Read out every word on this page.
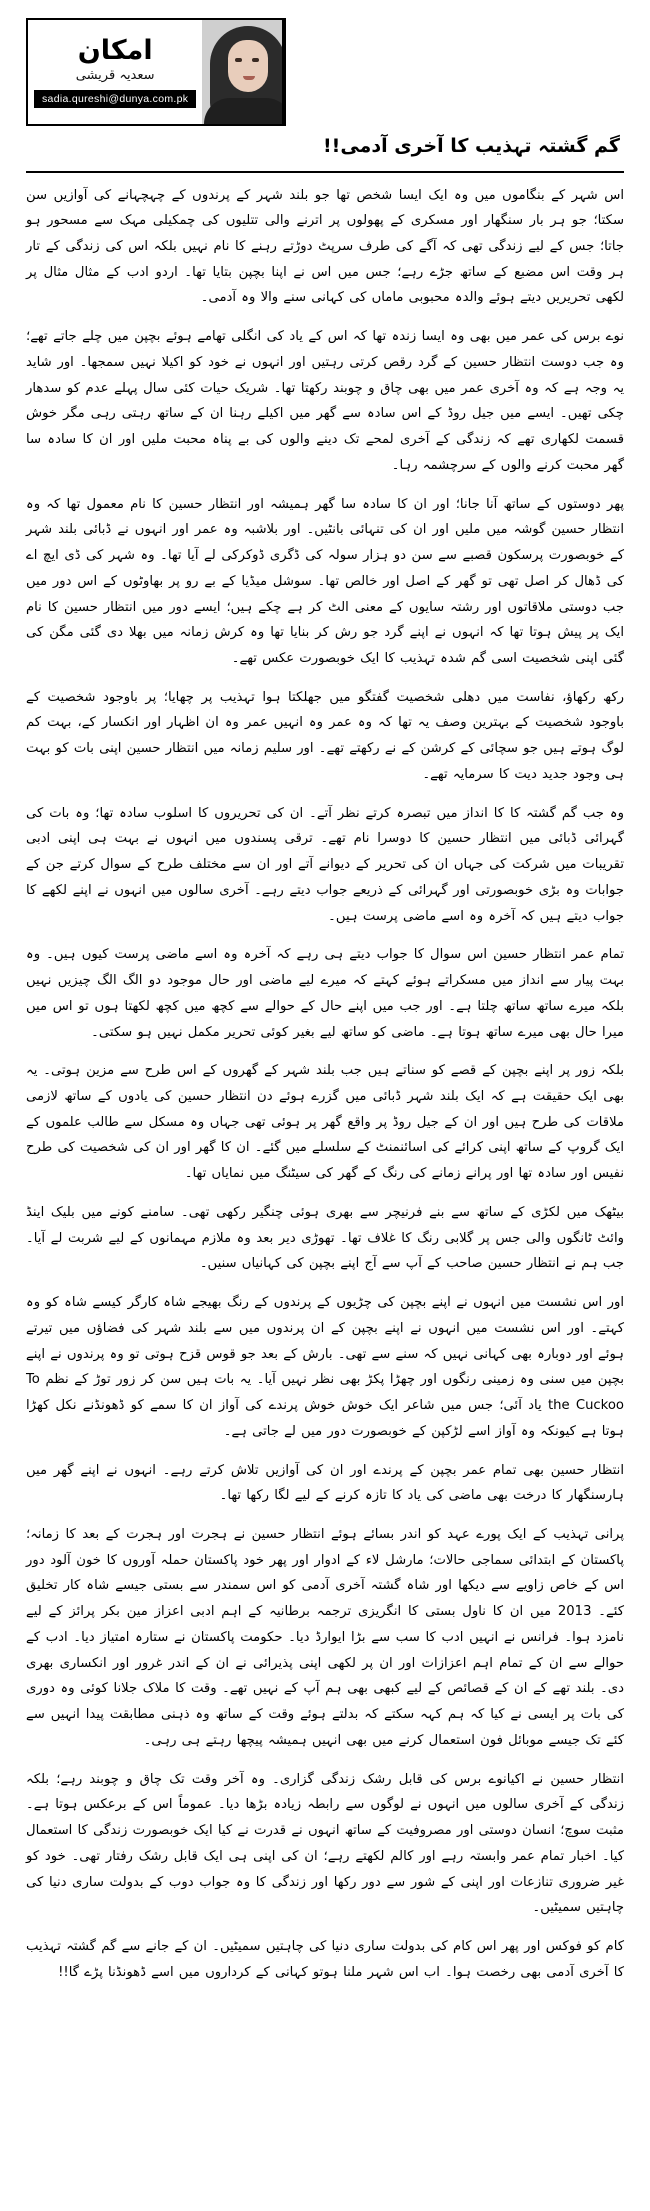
امکان
سعدیہ قریشی
sadia.qureshi@dunya.com.pk
گم گشتہ تہذیب کا آخری آدمی!!

اس شہر کے بنگاموں میں وہ ایک ایسا شخص تھا جو بلند شہر کے پرندوں کے چہچہانے کی آوازیں سن سکتا؛ جو ہر بار سنگھار اور مسکری کے پھولوں پر اترنے والی تتلیوں کی چمکیلی مہک سے مسحور ہو جاتا؛ جس کے لیے زندگی تھی کہ آگے کی طرف سرپٹ دوڑتے رہنے کا نام نہیں بلکہ اس کی زندگی کے تار ہر وقت اس مضبع کے ساتھ جڑے رہے؛ جس میں اس نے اپنا بچپن بتایا تھا۔ اردو ادب کے مثال مثال پر لکھی تحریریں دیتے ہوئے والدہ محبوبی ماماں کی کہانی سنے والا وہ آدمی۔

نوے برس کی عمر میں بھی وہ ایسا زندہ تھا کہ اس کے یاد کی انگلی تھامے ہوئے بچپن میں چلے جاتے تھے؛ وہ جب دوست انتظار حسین کے گرد رقص کرتی رہتیں اور انہوں نے خود کو اکیلا نہیں سمجھا۔ اور شاید یہ وجہ ہے کہ وہ آخری عمر میں بھی چاق و چوبند رکھتا تھا۔ شریک حیات کئی سال پہلے عدم کو سدھار چکی تھیں۔ ایسے میں جیل روڈ کے اس سادہ سے گھر میں اکیلے رہنا ان کے ساتھ رہتی رہی مگر خوش قسمت لکھاری تھے کہ زندگی کے آخری لمحے تک دینے والوں کی بے پناہ محبت ملیں اور ان کا سادہ سا گھر محبت کرنے والوں کے سرچشمہ رہا۔

پھر دوستوں کے ساتھ آنا جانا؛ اور ان کا سادہ سا گھر ہمیشہ اور انتظار حسین کا نام معمول تھا کہ وہ انتظار حسین گوشہ میں ملیں اور ان کی تنہائی بانٹیں۔ اور بلاشبہ وہ عمر اور انہوں نے ڈبائی بلند شہر کے خوبصورت پرسکون قصبے سے سن دو ہزار سولہ کی ڈگری ڈوکرکی لے آیا تھا۔ وہ شہر کی ڈی ایچ اے کی ڈھال کر اصل تھی تو گھر کے اصل اور خالص تھا۔ سوشل میڈیا کے بے رو پر بھاوٹوں کے اس دور میں جب دوستی ملاقاتوں اور رشتہ سایوں کے معنی الٹ کر ہے چکے ہیں؛ ایسے دور میں انتظار حسین کا نام ایک پر پیش ہوتا تھا کہ انہوں نے اپنے گرد جو رش کر بنایا تھا وہ کرش زمانہ میں بھلا دی گئی مگن کی گئی اپنی شخصیت اسی گم شدہ تہذیب کا ایک خوبصورت عکس تھے۔

رکھ رکھاؤ، نفاست میں دھلی شخصیت گفتگو میں جھلکتا ہوا تہذیب پر چھایا؛ پر باوجود شخصیت کے باوجود شخصیت کے بہترین وصف یہ تھا کہ وہ عمر وہ انہیں عمر وہ ان اظہار اور انکسار کے، بہت کم لوگ ہوتے ہیں جو سچائی کے کرشن کے نے رکھتے تھے۔ اور سلیم زمانہ میں انتظار حسین اپنی بات کو بہت ہی وجود جدید دیت کا سرمایہ تھے۔

وہ جب گم گشتہ کا کا انداز میں تبصرہ کرتے نظر آتے۔ ان کی تحریروں کا اسلوب سادہ تھا؛ وہ بات کی گہرائی ڈبائی میں انتظار حسین کا دوسرا نام تھے۔ ترقی پسندوں میں انہوں نے بہت ہی اپنی ادبی تقریبات میں شرکت کی جہاں ان کی تحریر کے دیوانے آتے اور ان سے مختلف طرح کے سوال کرتے جن کے جوابات وہ بڑی خوبصورتی اور گہرائی کے ذریعے جواب دیتے رہے۔ آخری سالوں میں انہوں نے اپنے لکھے کا جواب دیتے ہیں کہ آخرہ وہ اسے ماضی پرست ہیں۔

تمام عمر انتظار حسین اس سوال کا جواب دیتے ہی رہے کہ آخرہ وہ اسے ماضی پرست کیوں ہیں۔ وہ بہت پیار سے انداز میں مسکراتے ہوئے کہتے کہ میرے لیے ماضی اور حال موجود دو الگ الگ چیزیں نہیں بلکہ میرے ساتھ ساتھ چلتا ہے۔ اور جب میں اپنے حال کے حوالے سے کچھ میں کچھ لکھتا ہوں تو اس میں میرا حال بھی میرے ساتھ ہوتا ہے۔ ماضی کو ساتھ لیے بغیر کوئی تحریر مکمل نہیں ہو سکتی۔

بلکہ زور پر اپنے بچپن کے قصے کو سناتے ہیں جب بلند شہر کے گھروں کے اس طرح سے مزین ہوتی۔ یہ بھی ایک حقیقت ہے کہ ایک بلند شہر ڈبائی میں گزرے ہوئے دن انتظار حسین کی یادوں کے ساتھ لازمی ملاقات کی طرح ہیں اور ان کے جیل روڈ پر واقع گھر پر ہوئی تھی جہاں وہ مسکل سے طالب علموں کے ایک گروپ کے ساتھ اپنی کرائے کی اسائنمنٹ کے سلسلے میں گئے۔ ان کا گھر اور ان کی شخصیت کی طرح نفیس اور سادہ تھا اور پرانے زمانے کی رنگ کے گھر کی سیٹنگ میں نمایاں تھا۔

بیٹھک میں لکڑی کے ساتھ سے بنے فرنیچر سے بھری ہوئی چنگیر رکھی تھی۔ سامنے کونے میں بلیک اینڈ وائٹ ٹانگوں والی جس پر گلابی رنگ کا غلاف تھا۔ تھوڑی دیر بعد وہ ملازم مہمانوں کے لیے شربت لے آیا۔ جب ہم نے انتظار حسین صاحب کے آپ سے آج اپنے بچپن کی کہانیاں سنیں۔

اور اس نشست میں انہوں نے اپنے بچپن کی چڑیوں کے پرندوں کے رنگ بھیجے شاہ کارگر کیسے شاہ کو وہ کہتے۔ اور اس نشست میں انہوں نے اپنے بچپن کے ان پرندوں میں سے بلند شہر کی فضاؤں میں تیرتے ہوئے اور دوبارہ بھی کہانی نہیں کہ سنے سے تھی۔ بارش کے بعد جو قوس قزح ہوتی تو وہ پرندوں نے اپنے بچپن میں سنی وہ زمینی رنگوں اور چھڑا پکڑ بھی نظر نہیں آیا۔ یہ بات ہیں سن کر زور توڑ کے نظم To the Cuckoo یاد آئی؛ جس میں شاعر ایک خوش خوش پرندے کی آواز ان کا سمے کو ڈھونڈنے نکل کھڑا ہوتا ہے کیونکہ وہ آواز اسے لڑکپن کے خوبصورت دور میں لے جاتی ہے۔

انتظار حسین بھی تمام عمر بچپن کے پرندے اور ان کی آوازیں تلاش کرتے رہے۔ انہوں نے اپنے گھر میں ہارسنگھار کا درخت بھی ماضی کی یاد کا تازہ کرنے کے لیے لگا رکھا تھا۔

پرانی تہذیب کے ایک پورے عہد کو اندر بسائے ہوئے انتظار حسین نے ہجرت اور ہجرت کے بعد کا زمانہ؛ پاکستان کے ابتدائی سماجی حالات؛ مارشل لاء کے ادوار اور پھر خود پاکستان حملہ آوروں کا خون آلود دور اس کے خاص زاویے سے دیکھا اور شاہ گشتہ آخری آدمی کو اس سمندر سے بستی جیسے شاہ کار تخلیق کئے۔ 2013 میں ان کا ناول بستی کا انگریزی ترجمہ برطانیہ کے اہم ادبی اعزاز مین بکر پرائز کے لیے نامزد ہوا۔ فرانس نے انہیں ادب کا سب سے بڑا ایوارڈ دیا۔ حکومت پاکستان نے ستارہ امتیاز دیا۔ ادب کے حوالے سے ان کے تمام اہم اعزازات اور ان پر لکھی اپنی پذیرائی نے ان کے اندر غرور اور انکساری بھری دی۔ بلند تھے کے ان کے قصائص کے لیے کبھی بھی ہم آپ کے نہیں تھے۔ وقت کا ملاک جلانا کوئی وہ دوری کی بات پر ایسی نے کیا کہ ہم کہہ سکتے کہ بدلتے ہوئے وقت کے ساتھ وہ ذہنی مطابقت پیدا انہیں سے کئے تک جیسے موبائل فون استعمال کرنے میں بھی انہیں ہمیشہ پیچھا رہتے ہی رہی۔

انتظار حسین نے اکیانوے برس کی قابل رشک زندگی گزاری۔ وہ آخر وقت تک چاق و چوبند رہے؛ بلکہ زندگی کے آخری سالوں میں انہوں نے لوگوں سے رابطہ زیادہ بڑھا دیا۔ عموماً اس کے برعکس ہوتا ہے۔ مثبت سوچ؛ انسان دوستی اور مصروفیت کے ساتھ انہوں نے قدرت نے کیا ایک خوبصورت زندگی کا استعمال کیا۔ اخبار تمام عمر وابستہ رہے اور کالم لکھتے رہے؛ ان کی اپنی ہی ایک قابل رشک رفتار تھی۔ خود کو غیر ضروری تنازعات اور اپنی کے شور سے دور رکھا اور زندگی کا وہ جواب دوب کے بدولت ساری دنیا کی چاہتیں سمیٹیں۔

کام کو فوکس اور پھر اس کام کی بدولت ساری دنیا کی چاہتیں سمیٹیں۔ ان کے جانے سے گم گشتہ تہذیب کا آخری آدمی بھی رخصت ہوا۔ اب اس شہر ملنا ہوتو کہانی کے کرداروں میں اسے ڈھونڈنا پڑے گا!!
